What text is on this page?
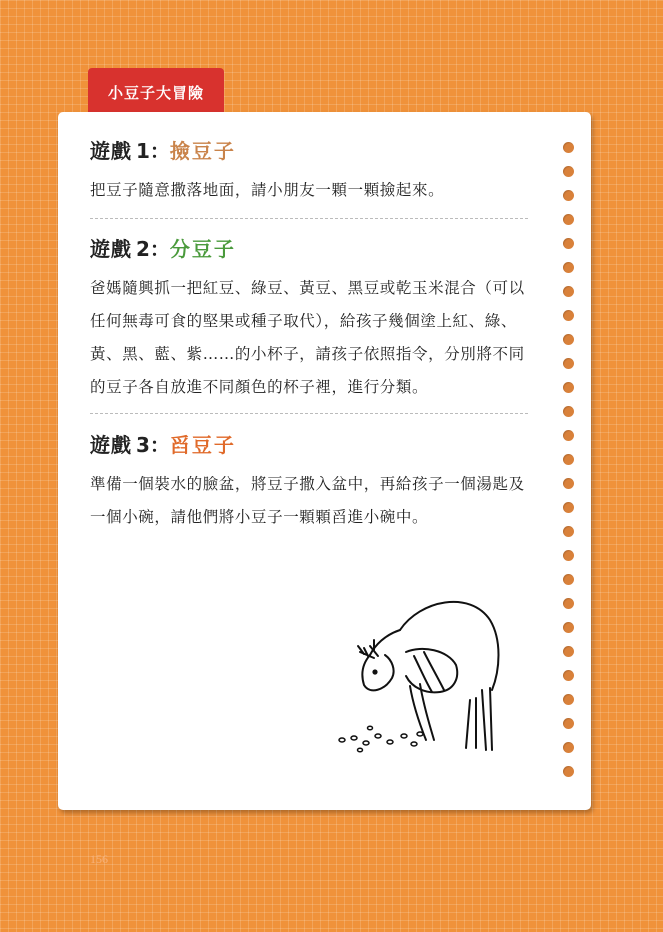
小豆子大冒險
遊戲 1：撿豆子
把豆子隨意撒落地面，請小朋友一顆一顆撿起來。
遊戲 2：分豆子
爸媽隨興抓一把紅豆、綠豆、黃豆、黑豆或乾玉米混合（可以任何無毒可食的堅果或種子取代），給孩子幾個塗上紅、綠、黃、黑、藍、紫……的小杯子，請孩子依照指令，分別將不同的豆子各自放進不同顏色的杯子裡，進行分類。
遊戲 3：舀豆子
準備一個裝水的臉盆，將豆子撒入盆中，再給孩子一個湯匙及一個小碗，請他們將小豆子一顆顆舀進小碗中。
156
